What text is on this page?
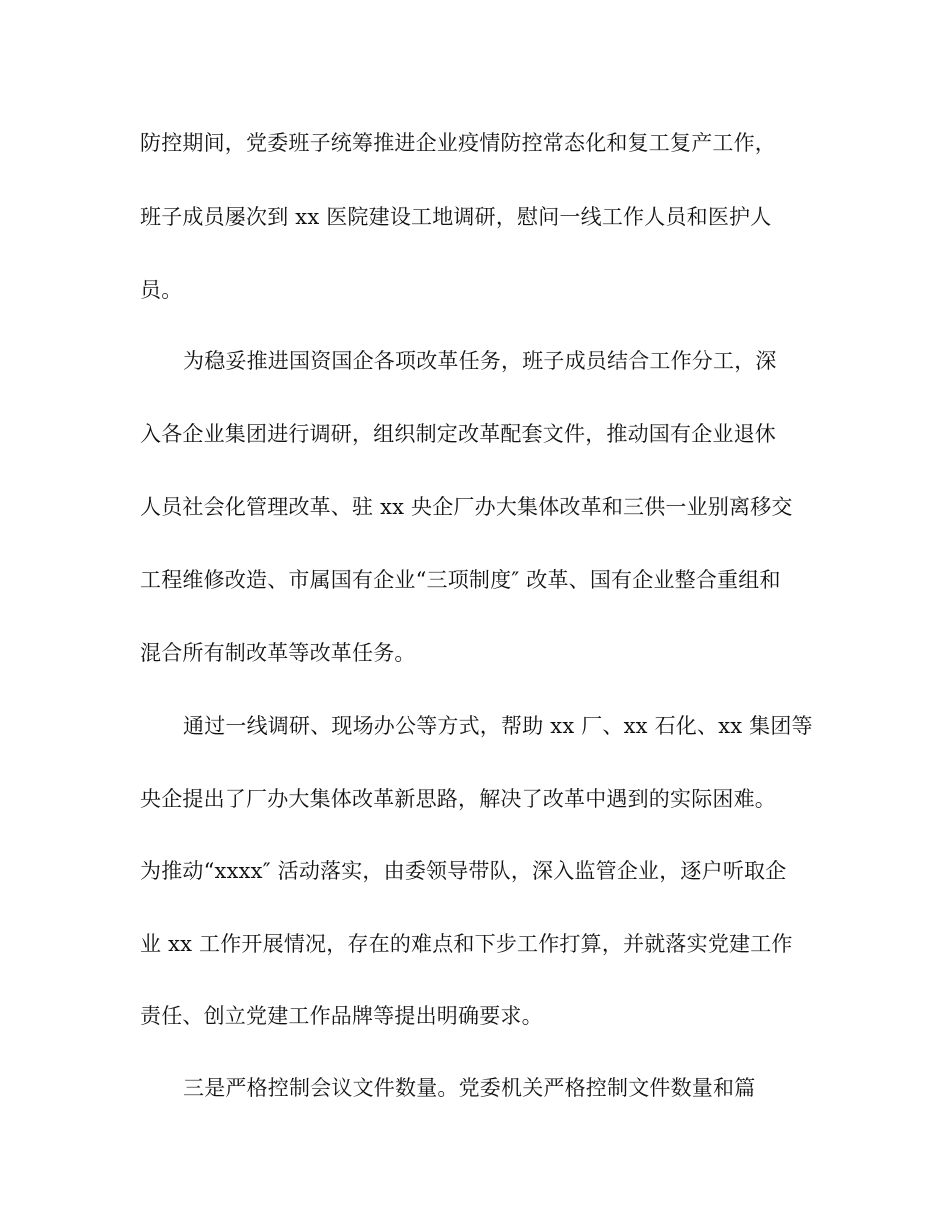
防控期间，党委班子统筹推进企业疫情防控常态化和复工复产工作，
班子成员屡次到 xx 医院建设工地调研，慰问一线工作人员和医护人
员。
为稳妥推进国资国企各项改革任务，班子成员结合工作分工，深
入各企业集团进行调研，组织制定改革配套文件，推动国有企业退休
人员社会化管理改革、驻 xx 央企厂办大集体改革和三供一业别离移交
工程维修改造、市属国有企业“三项制度″ 改革、国有企业整合重组和
混合所有制改革等改革任务。
通过一线调研、现场办公等方式，帮助 xx 厂、xx 石化、xx 集团等
央企提出了厂办大集体改革新思路，解决了改革中遇到的实际困难。
为推动“xxxx″ 活动落实，由委领导带队，深入监管企业，逐户听取企
业 xx 工作开展情况，存在的难点和下步工作打算，并就落实党建工作
责任、创立党建工作品牌等提出明确要求。
三是严格控制会议文件数量。党委机关严格控制文件数量和篇
